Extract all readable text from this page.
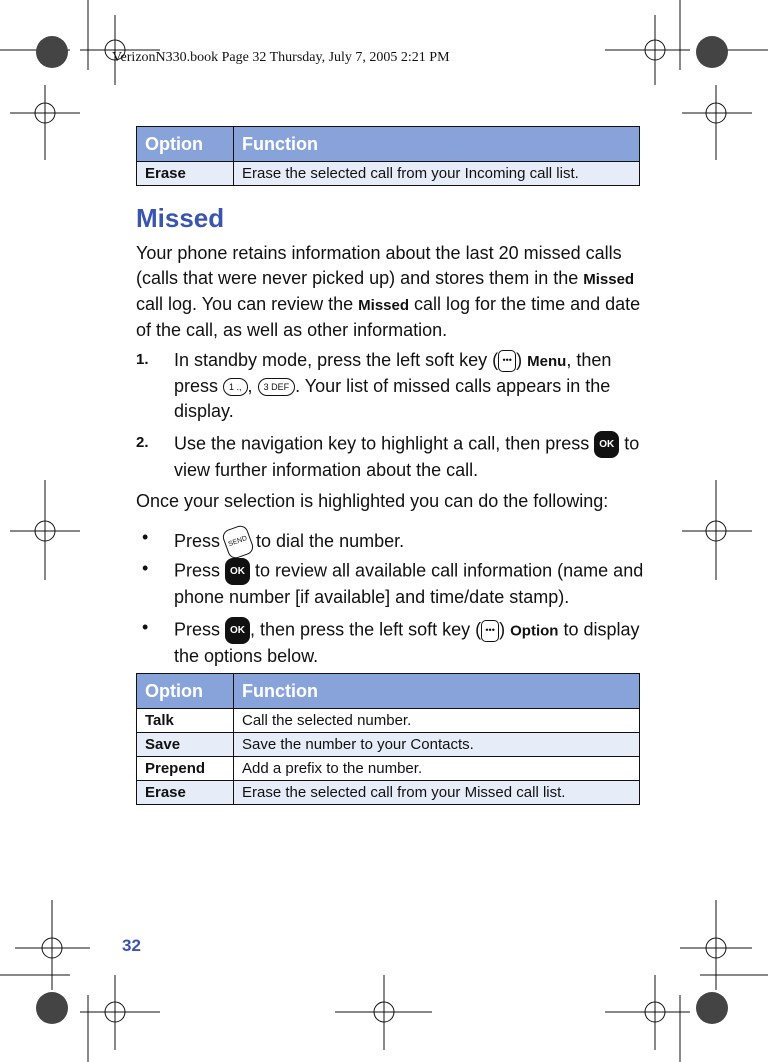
VerizonN330.book Page 32 Thursday, July 7, 2005 2:21 PM
Option	Function
Erase	Erase the selected call from your Incoming call list.
Missed
Your phone retains information about the last 20 missed calls (calls that were never picked up) and stores them in the Missed call log. You can review the Missed call log for the time and date of the call, as well as other information.
1. In standby mode, press the left soft key ( ••• ) Menu, then press 1 ., , 3 DEF . Your list of missed calls appears in the display.
2. Use the navigation key to highlight a call, then press OK to view further information about the call.
Once your selection is highlighted you can do the following:
• Press SEND to dial the number.
• Press OK to review all available call information (name and phone number [if available] and time/date stamp).
• Press OK , then press the left soft key ( ••• ) Option to display the options below.
Option	Function
Talk	Call the selected number.
Save	Save the number to your Contacts.
Prepend	Add a prefix to the number.
Erase	Erase the selected call from your Missed call list.
32
